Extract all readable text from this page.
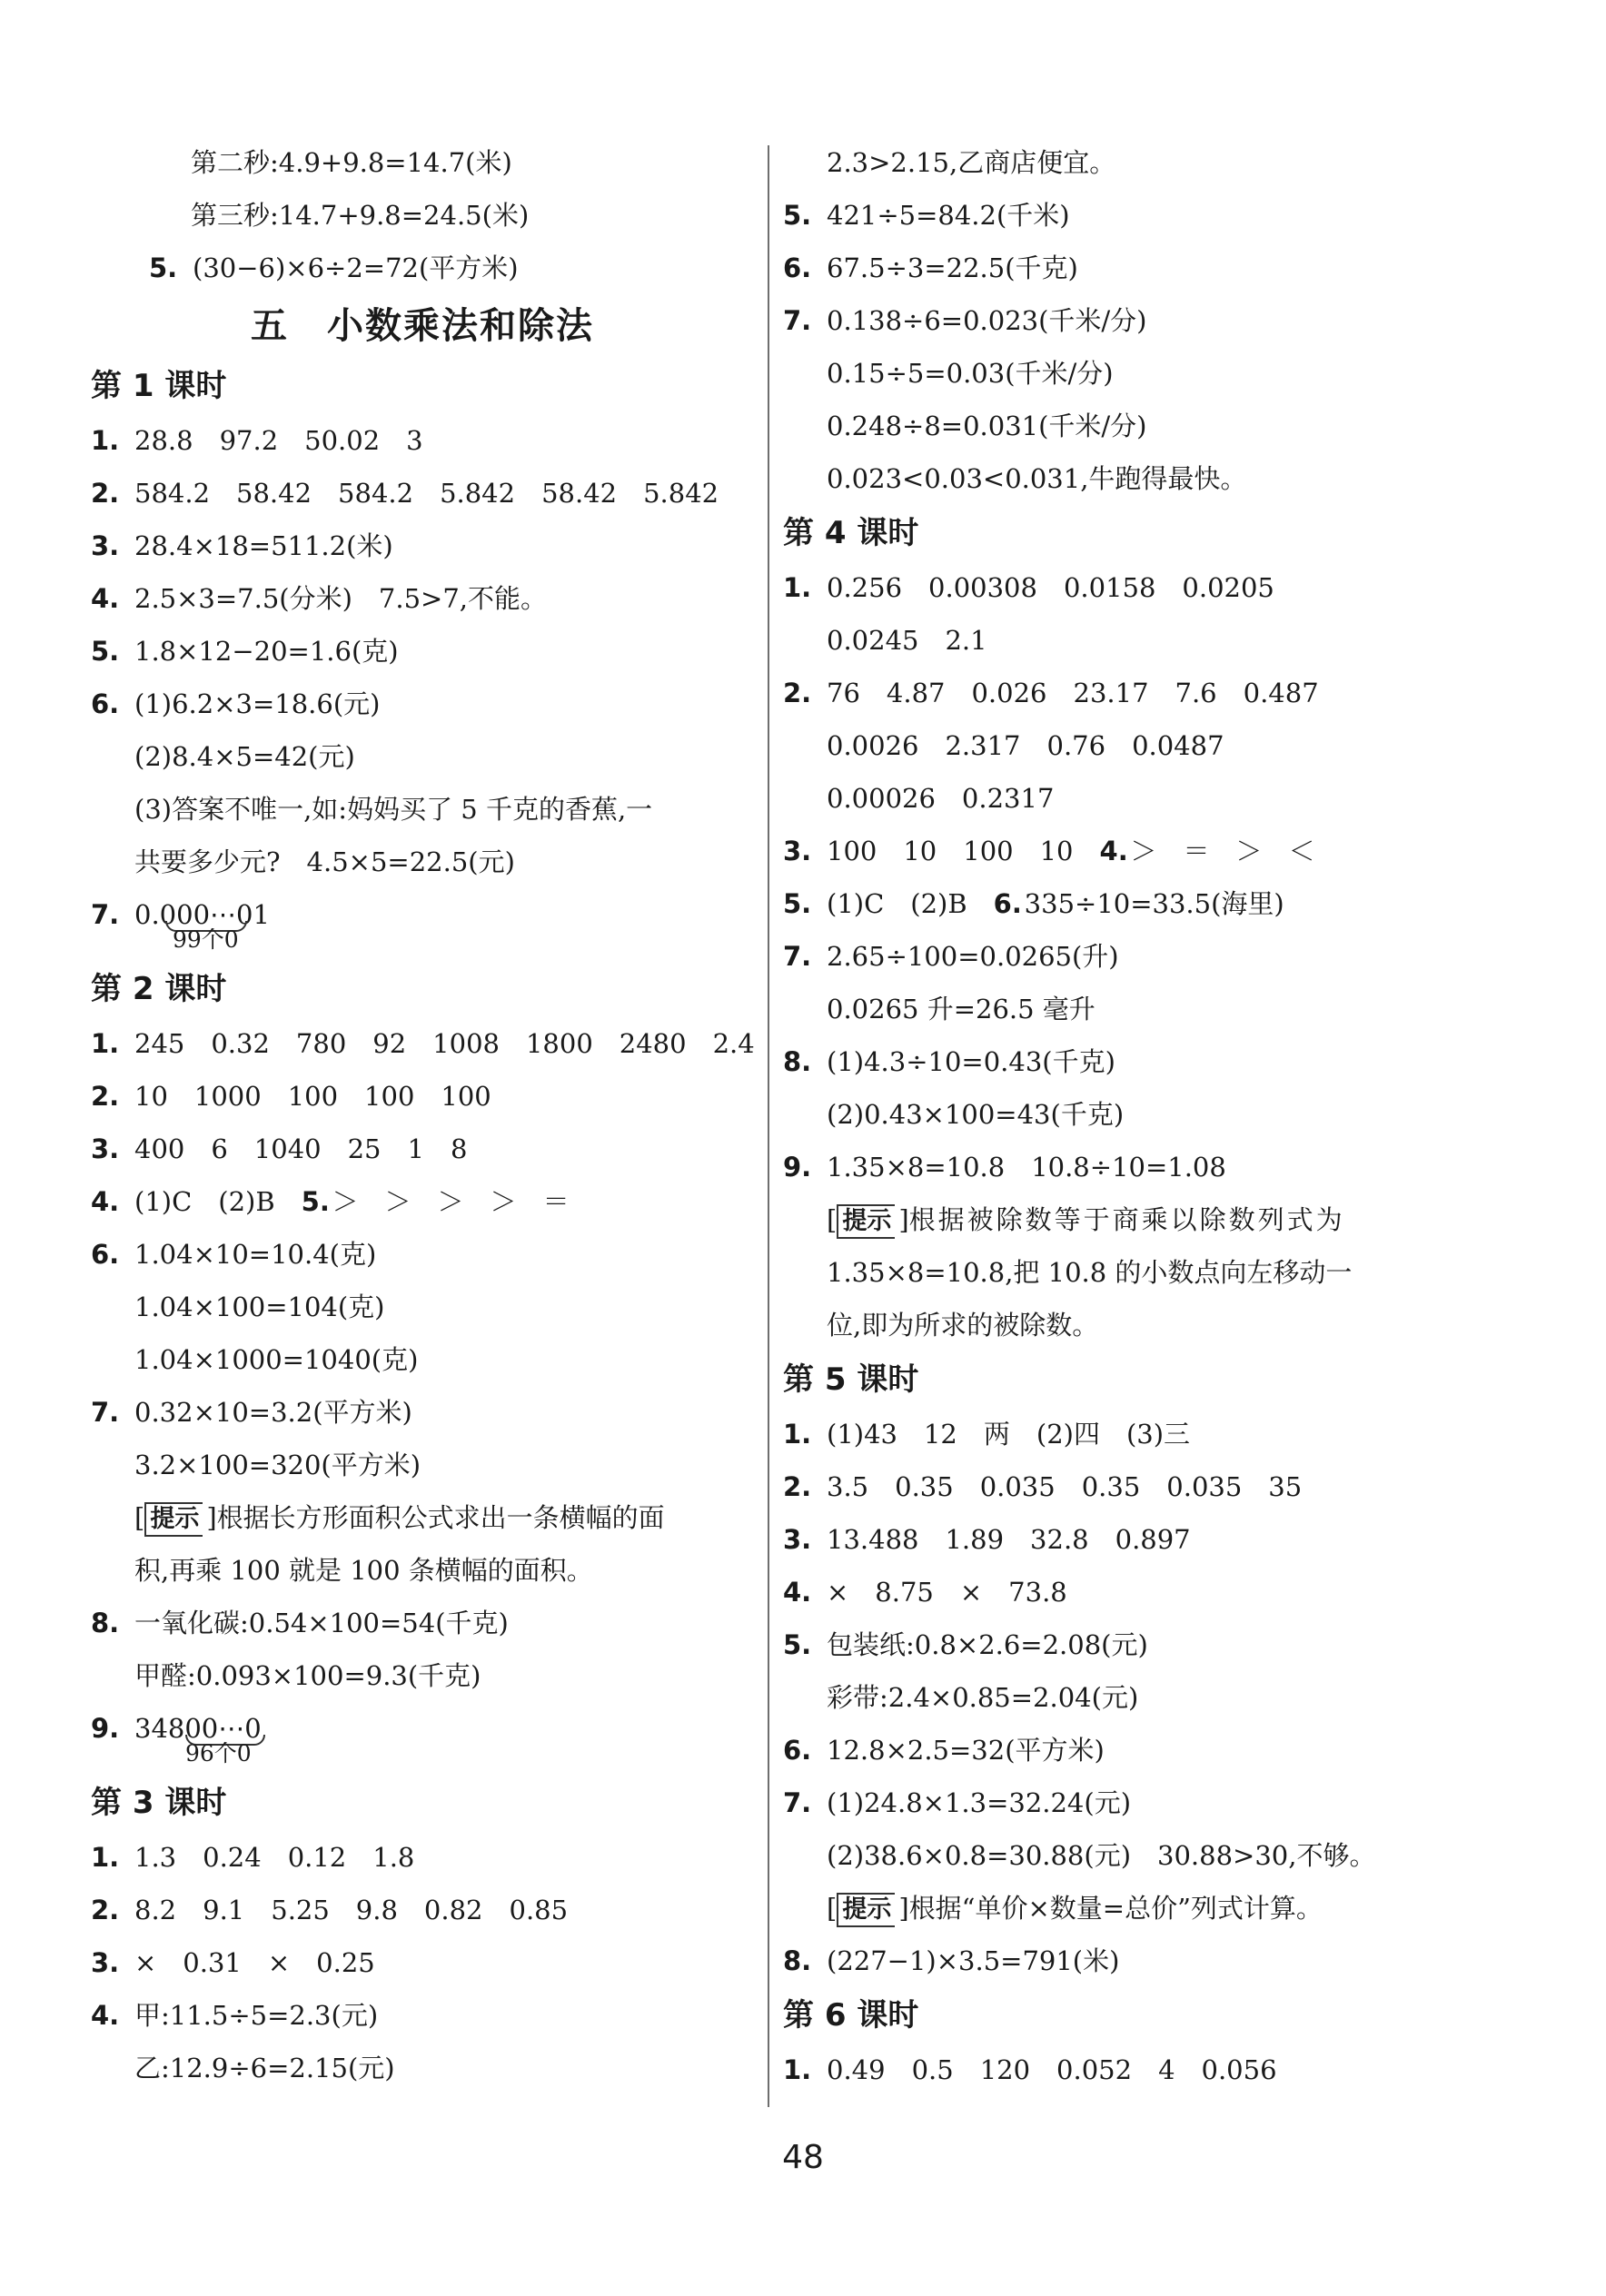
第二秒:4.9+9.8=14.7(米)
第三秒:14.7+9.8=24.5(米)
5. (30−6)×6÷2=72(平方米)
五　小数乘法和除法
第 1 课时
1. 28.8　97.2　50.02　3
2. 584.2　58.42　584.2　5.842　58.42　5.842
3. 28.4×18=511.2(米)
4. 2.5×3=7.5(分米)　7.5>7,不能。
5. 1.8×12−20=1.6(克)
6. (1)6.2×3=18.6(元)
(2)8.4×5=42(元)
(3)答案不唯一,如:妈妈买了 5 千克的香蕉,一
共要多少元?　4.5×5=22.5(元)
7. 0.000⋯01
99个0
第 2 课时
1. 245　0.32　780　92　1008　1800　2480　2.4
2. 10　1000　100　100　100
3. 400　6　1040　25　1　8
4. (1)C　(2)B　5.＞　＞　＞　＞　＝
6. 1.04×10=10.4(克)
1.04×100=104(克)
1.04×1000=1040(克)
7. 0.32×10=3.2(平方米)
3.2×100=320(平方米)
[ 提示 ]根据长方形面积公式求出一条横幅的面
积,再乘 100 就是 100 条横幅的面积。
8. 一氧化碳:0.54×100=54(千克)
甲醛:0.093×100=9.3(千克)
9. 34800⋯0
96个0
第 3 课时
1. 1.3　0.24　0.12　1.8
2. 8.2　9.1　5.25　9.8　0.82　0.85
3. ×　0.31　×　0.25
4. 甲:11.5÷5=2.3(元)
乙:12.9÷6=2.15(元)
2.3>2.15,乙商店便宜。
5. 421÷5=84.2(千米)
6. 67.5÷3=22.5(千克)
7. 0.138÷6=0.023(千米/分)
0.15÷5=0.03(千米/分)
0.248÷8=0.031(千米/分)
0.023<0.03<0.031,牛跑得最快。
第 4 课时
1. 0.256　0.00308　0.0158　0.0205
0.0245　2.1
2. 76　4.87　0.026　23.17　7.6　0.487
0.0026　2.317　0.76　0.0487
0.00026　0.2317
3. 100　10　100　10　4.＞　＝　＞　＜
5. (1)C　(2)B　6.335÷10=33.5(海里)
7. 2.65÷100=0.0265(升)
0.0265 升=26.5 毫升
8. (1)4.3÷10=0.43(千克)
(2)0.43×100=43(千克)
9. 1.35×8=10.8　10.8÷10=1.08
[ 提示 ]根据被除数等于商乘以除数列式为
1.35×8=10.8,把 10.8 的小数点向左移动一
位,即为所求的被除数。
第 5 课时
1. (1)43　12　两　(2)四　(3)三
2. 3.5　0.35　0.035　0.35　0.035　35
3. 13.488　1.89　32.8　0.897
4. ×　8.75　×　73.8
5. 包装纸:0.8×2.6=2.08(元)
彩带:2.4×0.85=2.04(元)
6. 12.8×2.5=32(平方米)
7. (1)24.8×1.3=32.24(元)
(2)38.6×0.8=30.88(元)　30.88>30,不够。
[ 提示 ]根据“单价×数量=总价”列式计算。
8. (227−1)×3.5=791(米)
第 6 课时
1. 0.49　0.5　120　0.052　4　0.056
48
